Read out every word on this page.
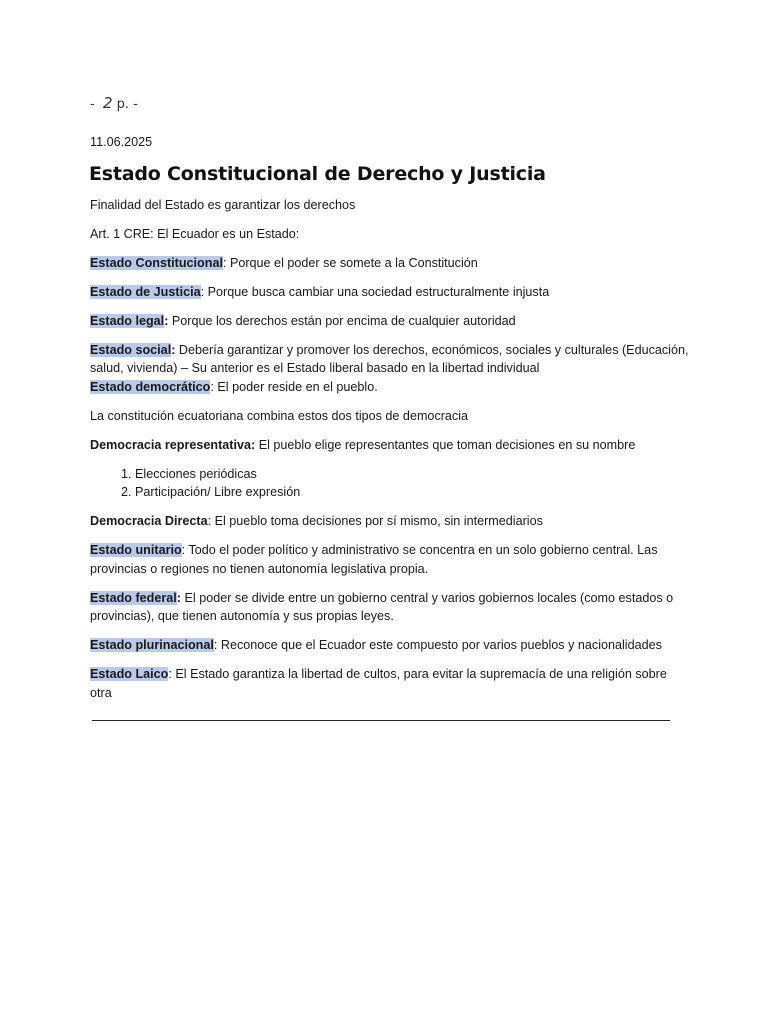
- 2 p. -

11.06.2025

Estado Constitucional de Derecho y Justicia

Finalidad del Estado es garantizar los derechos

Art. 1 CRE: El Ecuador es un Estado:

Estado Constitucional: Porque el poder se somete a la Constitución

Estado de Justicia: Porque busca cambiar una sociedad estructuralmente injusta

Estado legal: Porque los derechos están por encima de cualquier autoridad

Estado social: Debería garantizar y promover los derechos, económicos, sociales y culturales (Educación, salud, vivienda) – Su anterior es el Estado liberal basado en la libertad individual

Estado democrático: El poder reside en el pueblo.

La constitución ecuatoriana combina estos dos tipos de democracia

Democracia representativa: El pueblo elige representantes que toman decisiones en su nombre

1. Elecciones periódicas
2. Participación/ Libre expresión

Democracia Directa: El pueblo toma decisiones por sí mismo, sin intermediarios

Estado unitario: Todo el poder político y administrativo se concentra en un solo gobierno central. Las provincias o regiones no tienen autonomía legislativa propia.

Estado federal: El poder se divide entre un gobierno central y varios gobiernos locales (como estados o provincias), que tienen autonomía y sus propias leyes.

Estado plurinacional: Reconoce que el Ecuador este compuesto por varios pueblos y nacionalidades

Estado Laico: El Estado garantiza la libertad de cultos, para evitar la supremacía de una religión sobre otra
